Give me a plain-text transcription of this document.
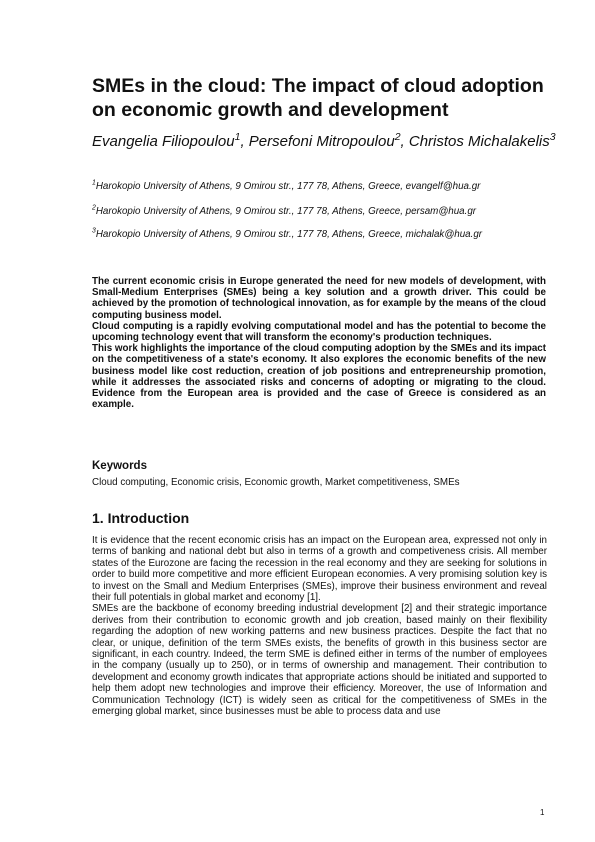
SMEs in the cloud: The impact of cloud adoption on economic growth and development
Evangelia Filiopoulou$^1$, Persefoni Mitropoulou$^2$, Christos Michalakelis$^3$
$^1$Harokopio University of Athens, 9 Omirou str., 177 78, Athens, Greece, evangelf@hua.gr
$^2$Harokopio University of Athens, 9 Omirou str., 177 78, Athens, Greece, persam@hua.gr
$^3$Harokopio University of Athens, 9 Omirou str., 177 78, Athens, Greece, michalak@hua.gr

The current economic crisis in Europe generated the need for new models of development, with Small-Medium Enterprises (SMEs) being a key solution and a growth driver. This could be achieved by the promotion of technological innovation, as for example by the means of the cloud computing business model.

Cloud computing is a rapidly evolving computational model and has the potential to become the upcoming technology event that will transform the economy's production techniques.

This work highlights the importance of the cloud computing adoption by the SMEs and its impact on the competitiveness of a state's economy. It also explores the economic benefits of the new business model like cost reduction, creation of job positions and entrepreneurship promotion, while it addresses the associated risks and concerns of adopting or migrating to the cloud. Evidence from the European area is provided and the case of Greece is considered as an example.

Keywords
Cloud computing, Economic crisis, Economic growth, Market competitiveness, SMEs
1. Introduction

It is evidence that the recent economic crisis has an impact on the European area, expressed not only in terms of banking and national debt but also in terms of a growth and competiveness crisis. All member states of the Eurozone are facing the recession in the real economy and they are seeking for solutions in order to build more competitive and more efficient European economies. A very promising solution key is to invest on the Small and Medium Enterprises (SMEs), improve their business environment and reveal their full potentials in global market and economy [1].

SMEs are the backbone of economy breeding industrial development [2] and their strategic importance derives from their contribution to economic growth and job creation, based mainly on their flexibility regarding the adoption of new working patterns and new business practices. Despite the fact that no clear, or unique, definition of the term SMEs exists, the benefits of growth in this business sector are significant, in each country. Indeed, the term SME is defined either in terms of the number of employees in the company (usually up to 250), or in terms of ownership and management. Their contribution to development and economy growth indicates that appropriate actions should be initiated and supported to help them adopt new technologies and improve their efficiency. Moreover, the use of Information and Communication Technology (ICT) is widely seen as critical for the competitiveness of SMEs in the emerging global market, since businesses must be able to process data and use

1
